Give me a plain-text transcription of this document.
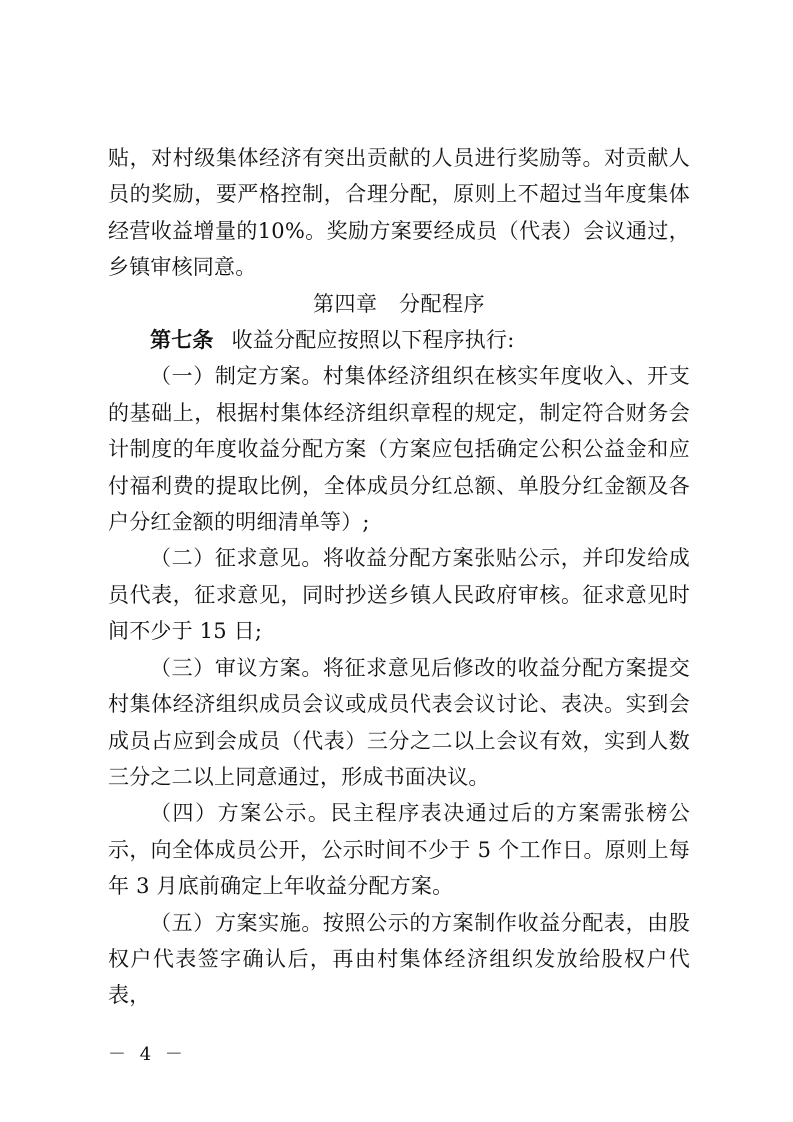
贴，对村级集体经济有突出贡献的人员进行奖励等。对贡献人员的奖励，要严格控制，合理分配，原则上不超过当年度集体经营收益增量的10%。奖励方案要经成员（代表）会议通过，乡镇审核同意。

第四章　分配程序

第七条 收益分配应按照以下程序执行:

（一）制定方案。村集体经济组织在核实年度收入、开支的基础上，根据村集体经济组织章程的规定，制定符合财务会计制度的年度收益分配方案（方案应包括确定公积公益金和应付福利费的提取比例，全体成员分红总额、单股分红金额及各户分红金额的明细清单等）;

（二）征求意见。将收益分配方案张贴公示，并印发给成员代表，征求意见，同时抄送乡镇人民政府审核。征求意见时间不少于 15 日;

（三）审议方案。将征求意见后修改的收益分配方案提交村集体经济组织成员会议或成员代表会议讨论、表决。实到会成员占应到会成员（代表）三分之二以上会议有效，实到人数三分之二以上同意通过，形成书面决议。

（四）方案公示。民主程序表决通过后的方案需张榜公示，向全体成员公开，公示时间不少于 5 个工作日。原则上每年 3 月底前确定上年收益分配方案。

（五）方案实施。按照公示的方案制作收益分配表，由股权户代表签字确认后，再由村集体经济组织发放给股权户代表，

－ 4 －
